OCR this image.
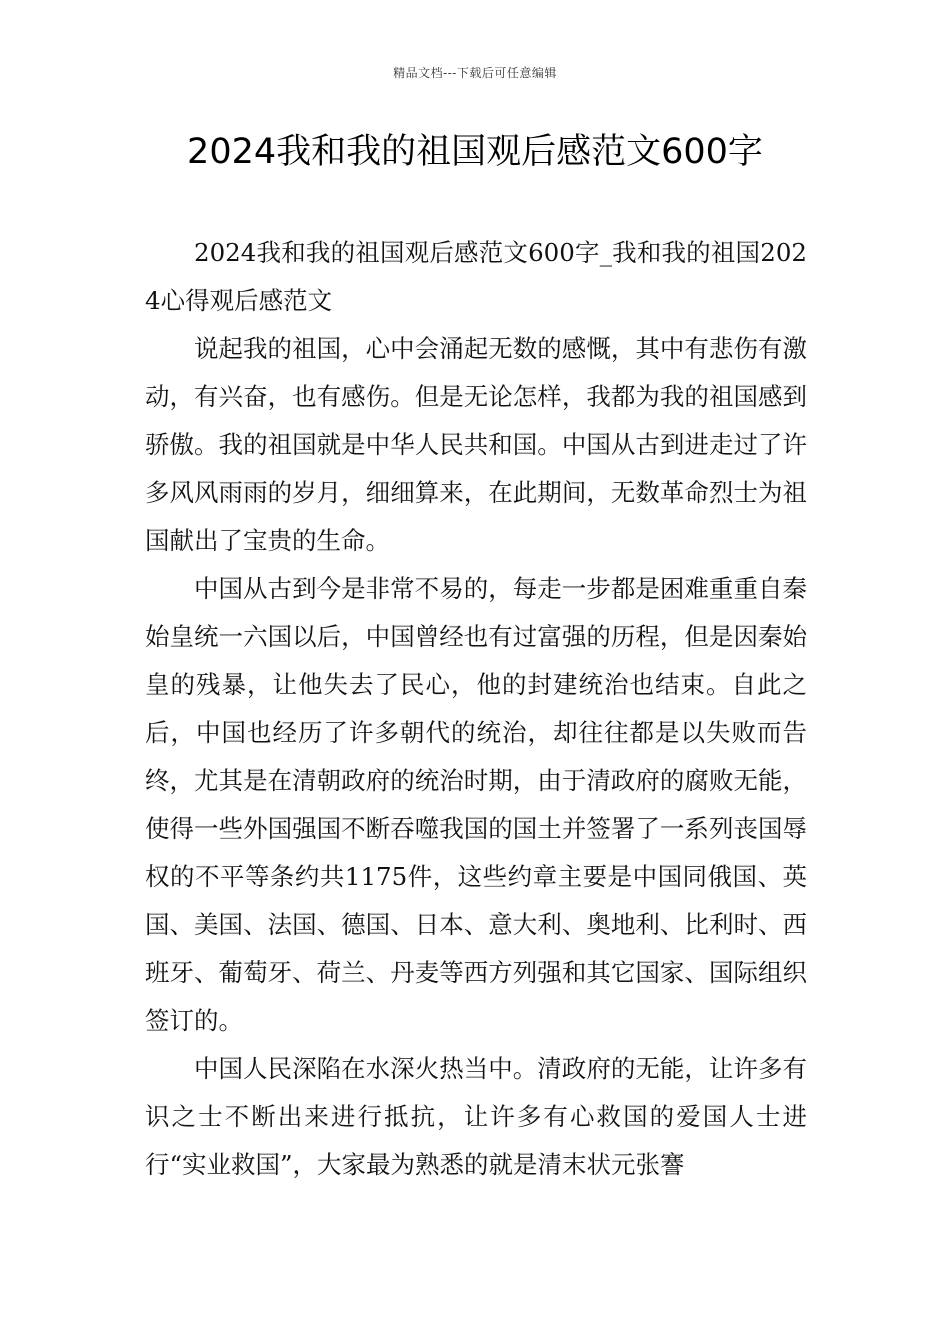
精品文档---下载后可任意编辑
2024我和我的祖国观后感范文600字

2024我和我的祖国观后感范文600字_我和我的祖国2024心得观后感范文

说起我的祖国，心中会涌起无数的感慨，其中有悲伤有激动，有兴奋，也有感伤。但是无论怎样，我都为我的祖国感到骄傲。我的祖国就是中华人民共和国。中国从古到进走过了许多风风雨雨的岁月，细细算来，在此期间，无数革命烈士为祖国献出了宝贵的生命。

中国从古到今是非常不易的，每走一步都是困难重重自秦始皇统一六国以后，中国曾经也有过富强的历程，但是因秦始皇的残暴，让他失去了民心，他的封建统治也结束。自此之后，中国也经历了许多朝代的统治，却往往都是以失败而告终，尤其是在清朝政府的统治时期，由于清政府的腐败无能，使得一些外国强国不断吞噬我国的国土并签署了一系列丧国辱权的不平等条约共1175件，这些约章主要是中国同俄国、英国、美国、法国、德国、日本、意大利、奥地利、比利时、西班牙、葡萄牙、荷兰、丹麦等西方列强和其它国家、国际组织签订的。

中国人民深陷在水深火热当中。清政府的无能，让许多有识之士不断出来进行抵抗，让许多有心救国的爱国人士进行“实业救国”，大家最为熟悉的就是清末状元张謇
